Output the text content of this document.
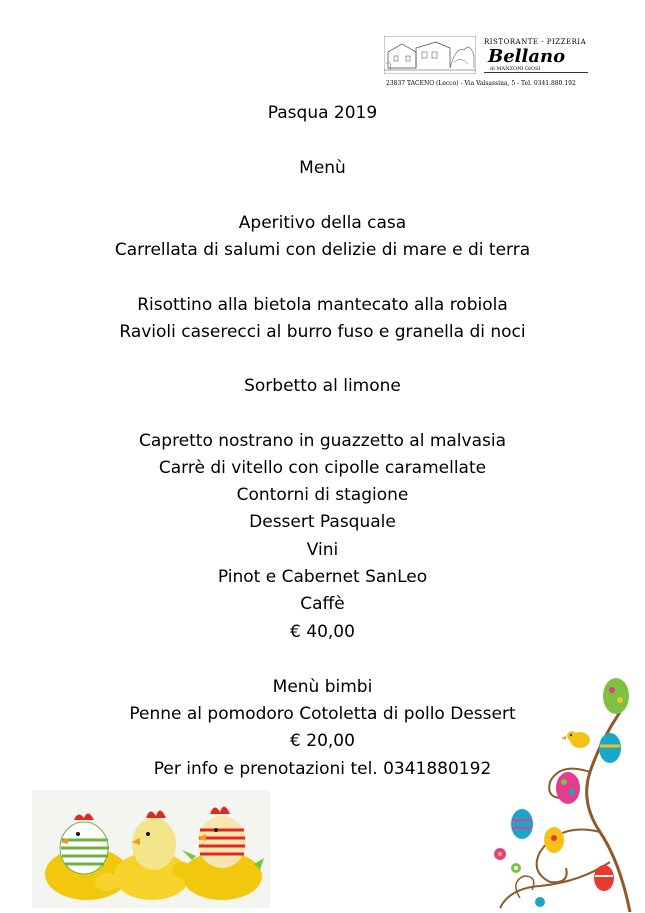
RISTORANTE - PIZZERIA
Bellano
di MANZONI GIOSI
23837 TACENO (Lecco) - Via Valsassina, 5 - Tel. 0341.880.192
Pasqua 2019
Menù
Aperitivo della casa
Carrellata di salumi con delizie di mare e di terra
Risottino alla bietola mantecato alla robiola
Ravioli caserecci al burro fuso e granella di noci
Sorbetto al limone
Capretto nostrano in guazzetto al malvasia
Carrè di vitello con cipolle caramellate
Contorni di stagione
Dessert Pasquale
Vini
Pinot e Cabernet SanLeo
Caffè
€ 40,00
Menù bimbi
Penne al pomodoro Cotoletta di pollo Dessert
€ 20,00
Per info e prenotazioni tel. 0341880192
